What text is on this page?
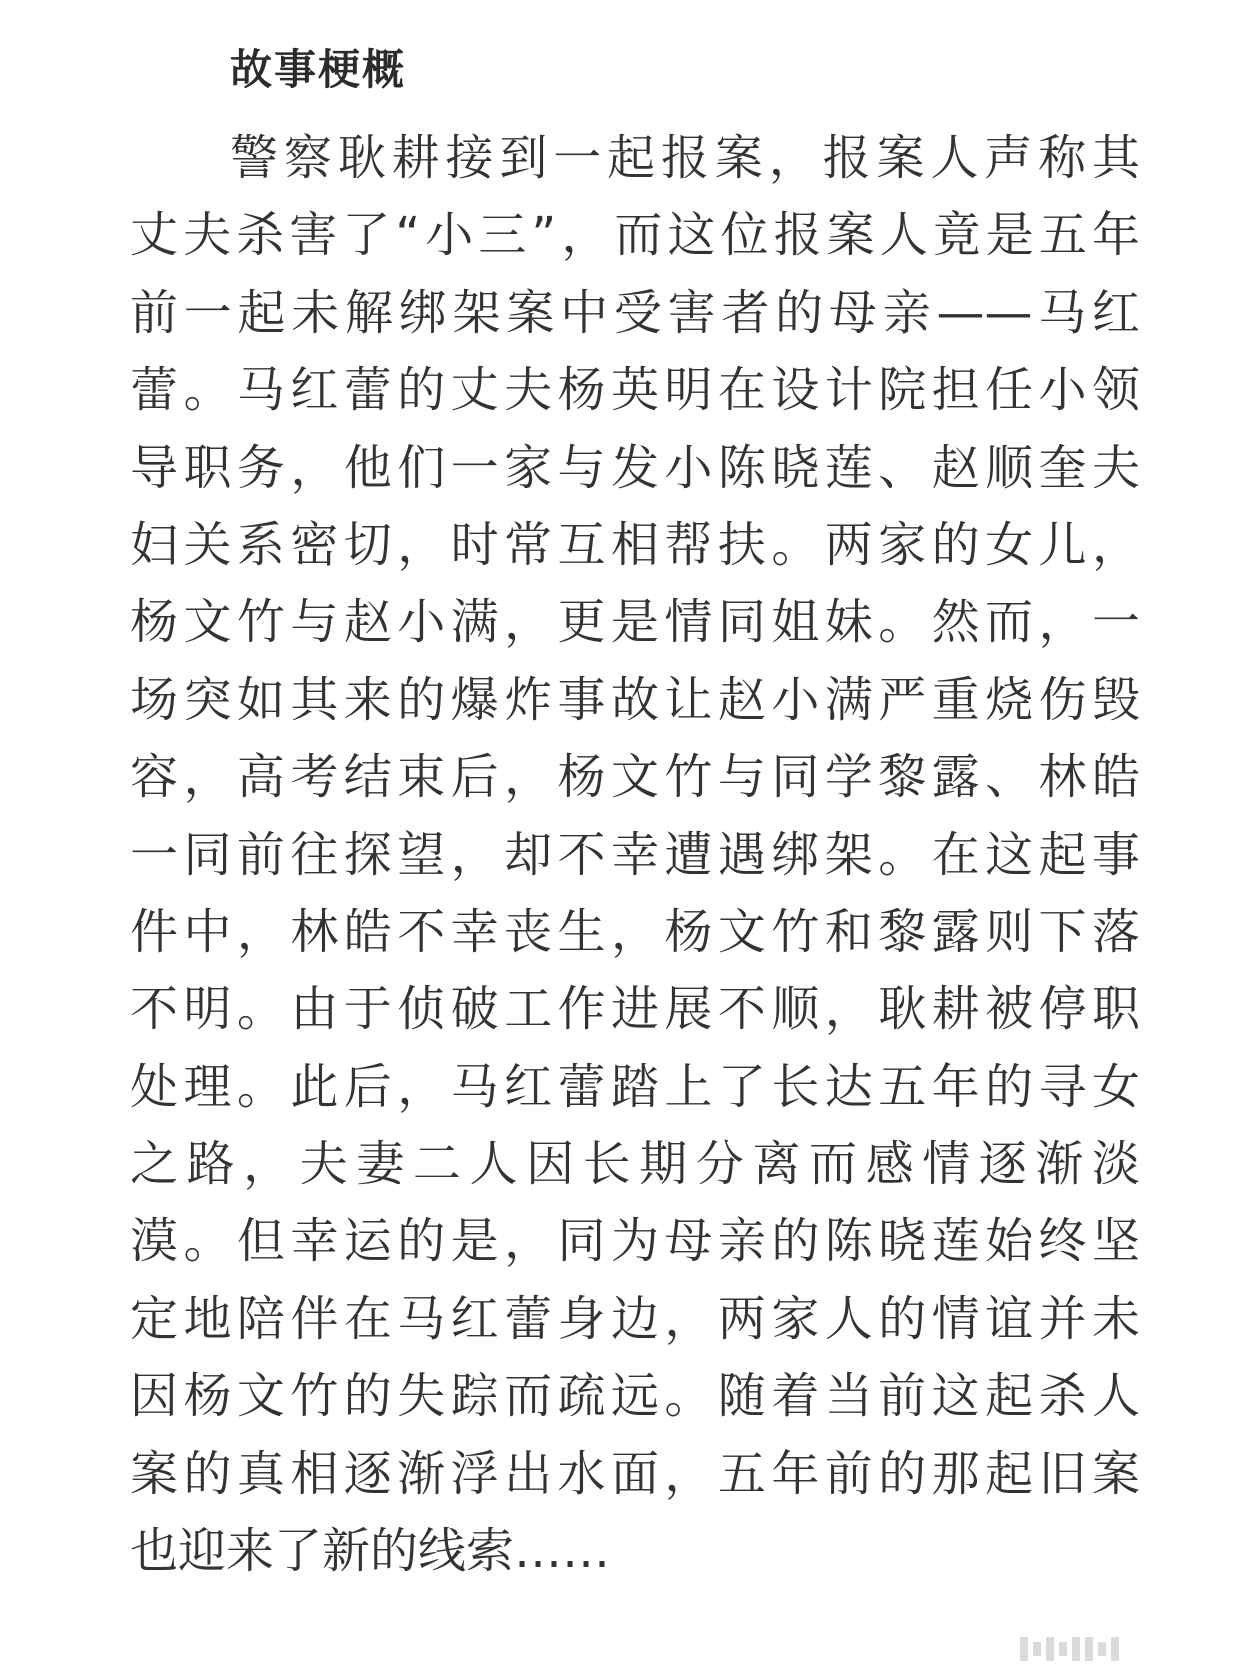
故事梗概
警察耿耕接到一起报案，报案人声称其
丈夫杀害了“小三”，而这位报案人竟是五年
前一起未解绑架案中受害者的母亲——马红
蕾。马红蕾的丈夫杨英明在设计院担任小领
导职务，他们一家与发小陈晓莲、赵顺奎夫
妇关系密切，时常互相帮扶。两家的女儿，
杨文竹与赵小满，更是情同姐妹。然而，一
场突如其来的爆炸事故让赵小满严重烧伤毁
容，高考结束后，杨文竹与同学黎露、林皓
一同前往探望，却不幸遭遇绑架。在这起事
件中，林皓不幸丧生，杨文竹和黎露则下落
不明。由于侦破工作进展不顺，耿耕被停职
处理。此后，马红蕾踏上了长达五年的寻女
之路，夫妻二人因长期分离而感情逐渐淡
漠。但幸运的是，同为母亲的陈晓莲始终坚
定地陪伴在马红蕾身边，两家人的情谊并未
因杨文竹的失踪而疏远。随着当前这起杀人
案的真相逐渐浮出水面，五年前的那起旧案
也迎来了新的线索……
